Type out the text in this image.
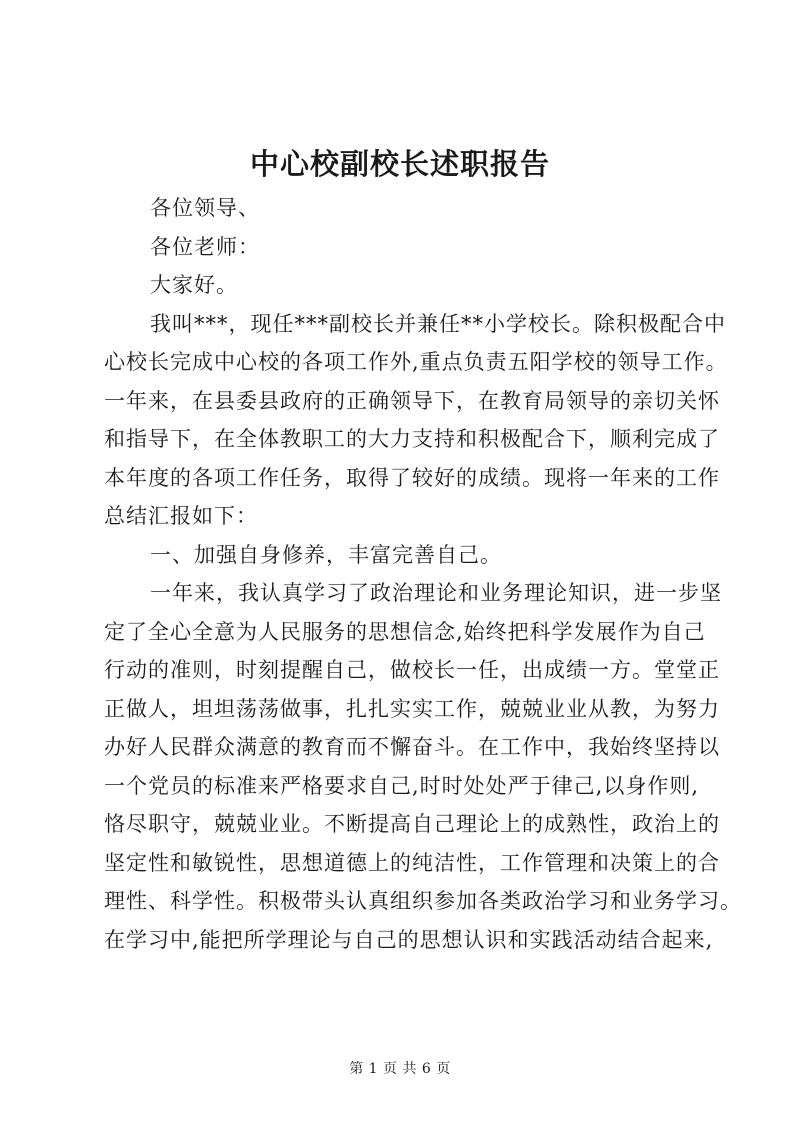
中心校副校长述职报告
各位领导、
各位老师：
大家好。
我叫***，现任***副校长并兼任**小学校长。除积极配合中
心校长完成中心校的各项工作外,重点负责五阳学校的领导工作。
一年来，在县委县政府的正确领导下，在教育局领导的亲切关怀
和指导下，在全体教职工的大力支持和积极配合下，顺利完成了
本年度的各项工作任务，取得了较好的成绩。现将一年来的工作
总结汇报如下：
一、加强自身修养，丰富完善自己。
一年来，我认真学习了政治理论和业务理论知识，进一步坚
定了全心全意为人民服务的思想信念,始终把科学发展作为自己
行动的准则，时刻提醒自己，做校长一任，出成绩一方。堂堂正
正做人，坦坦荡荡做事，扎扎实实工作，兢兢业业从教，为努力
办好人民群众满意的教育而不懈奋斗。在工作中，我始终坚持以
一个党员的标准来严格要求自己,时时处处严于律己,以身作则,
恪尽职守，兢兢业业。不断提高自己理论上的成熟性，政治上的
坚定性和敏锐性，思想道德上的纯洁性，工作管理和决策上的合
理性、科学性。积极带头认真组织参加各类政治学习和业务学习。
在学习中,能把所学理论与自己的思想认识和实践活动结合起来,
第 1 页 共 6 页
